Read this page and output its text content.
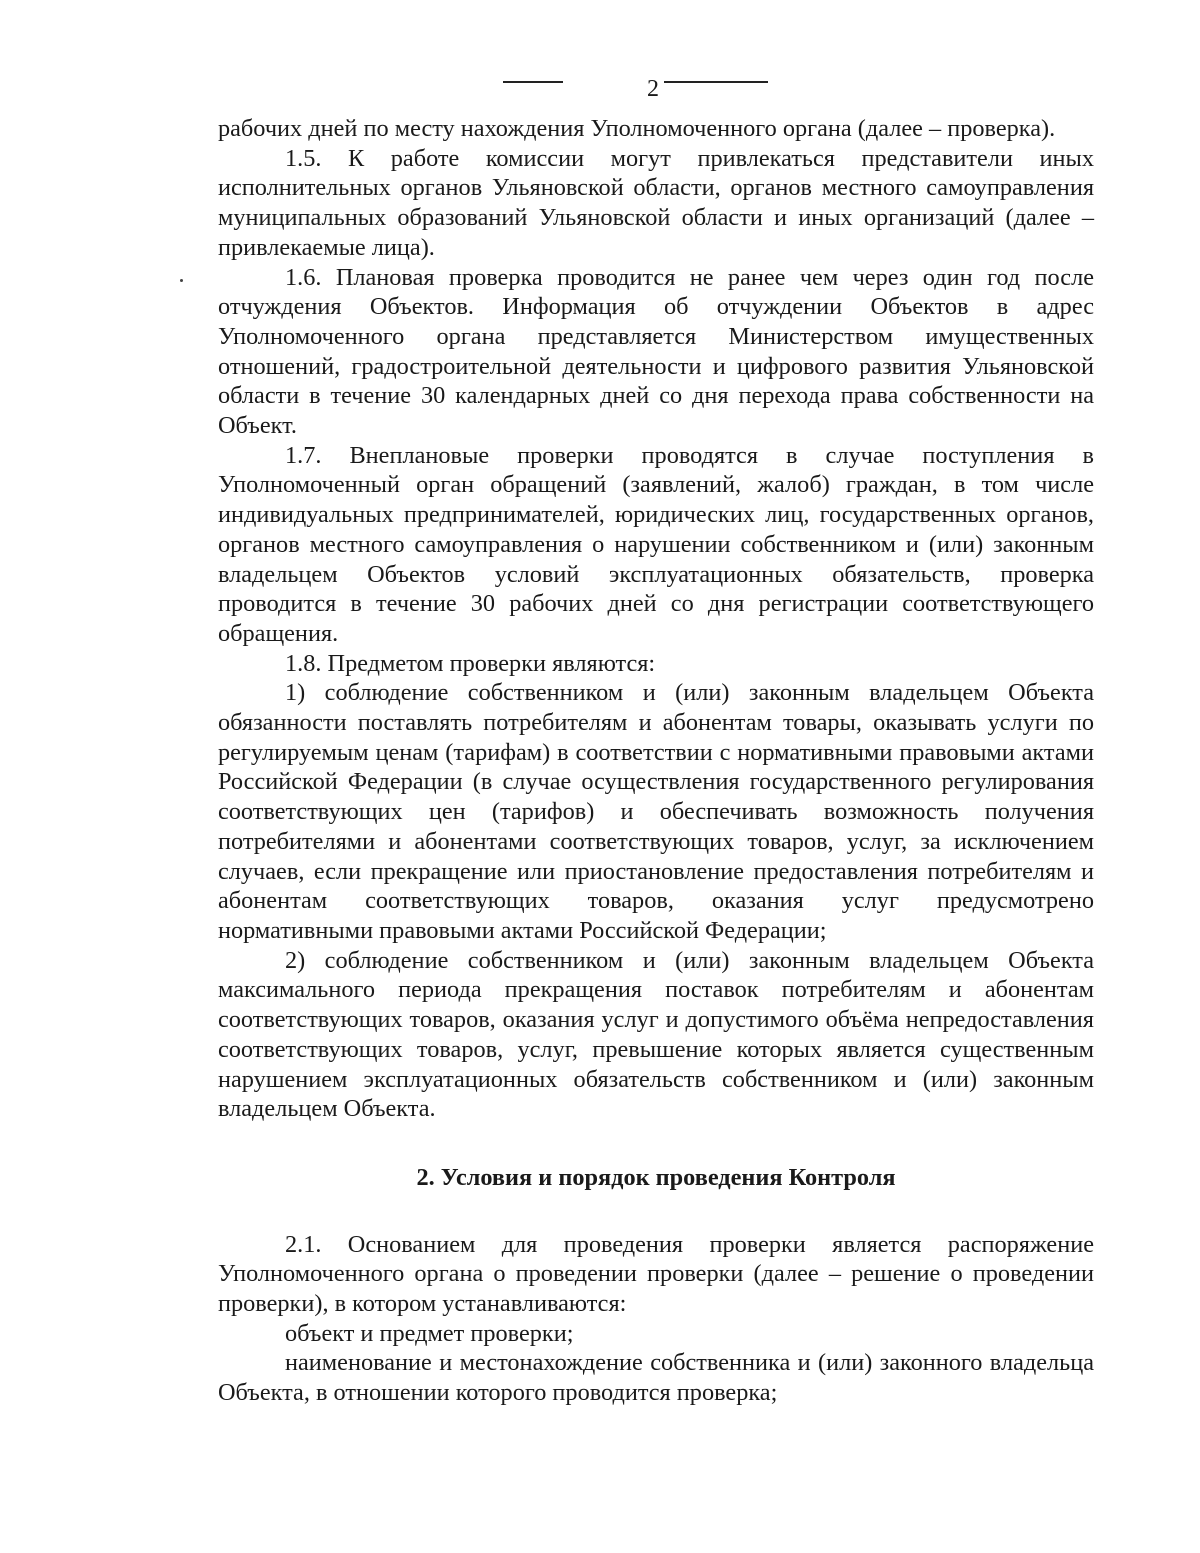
2

рабочих дней по месту нахождения Уполномоченного органа (далее – проверка).

1.5. К работе комиссии могут привлекаться представители иных исполнительных органов Ульяновской области, органов местного самоуправления муниципальных образований Ульяновской области и иных организаций (далее – привлекаемые лица).

1.6. Плановая проверка проводится не ранее чем через один год после отчуждения Объектов. Информация об отчуждении Объектов в адрес Уполномоченного органа представляется Министерством имущественных отношений, градостроительной деятельности и цифрового развития Ульяновской области в течение 30 календарных дней со дня перехода права собственности на Объект.

1.7. Внеплановые проверки проводятся в случае поступления в Уполномоченный орган обращений (заявлений, жалоб) граждан, в том числе индивидуальных предпринимателей, юридических лиц, государственных органов, органов местного самоуправления о нарушении собственником и (или) законным владельцем Объектов условий эксплуатационных обязательств, проверка проводится в течение 30 рабочих дней со дня регистрации соответствующего обращения.

1.8. Предметом проверки являются:

1) соблюдение собственником и (или) законным владельцем Объекта обязанности поставлять потребителям и абонентам товары, оказывать услуги по регулируемым ценам (тарифам) в соответствии с нормативными правовыми актами Российской Федерации (в случае осуществления государственного регулирования соответствующих цен (тарифов) и обеспечивать возможность получения потребителями и абонентами соответствующих товаров, услуг, за исключением случаев, если прекращение или приостановление предоставления потребителям и абонентам соответствующих товаров, оказания услуг предусмотрено нормативными правовыми актами Российской Федерации;

2) соблюдение собственником и (или) законным владельцем Объекта максимального периода прекращения поставок потребителям и абонентам соответствующих товаров, оказания услуг и допустимого объёма непредоставления соответствующих товаров, услуг, превышение которых является существенным нарушением эксплуатационных обязательств собственником и (или) законным владельцем Объекта.

2. Условия и порядок проведения Контроля

2.1. Основанием для проведения проверки является распоряжение Уполномоченного органа о проведении проверки (далее – решение о проведении проверки), в котором устанавливаются:

объект и предмет проверки;

наименование и местонахождение собственника и (или) законного владельца Объекта, в отношении которого проводится проверка;
